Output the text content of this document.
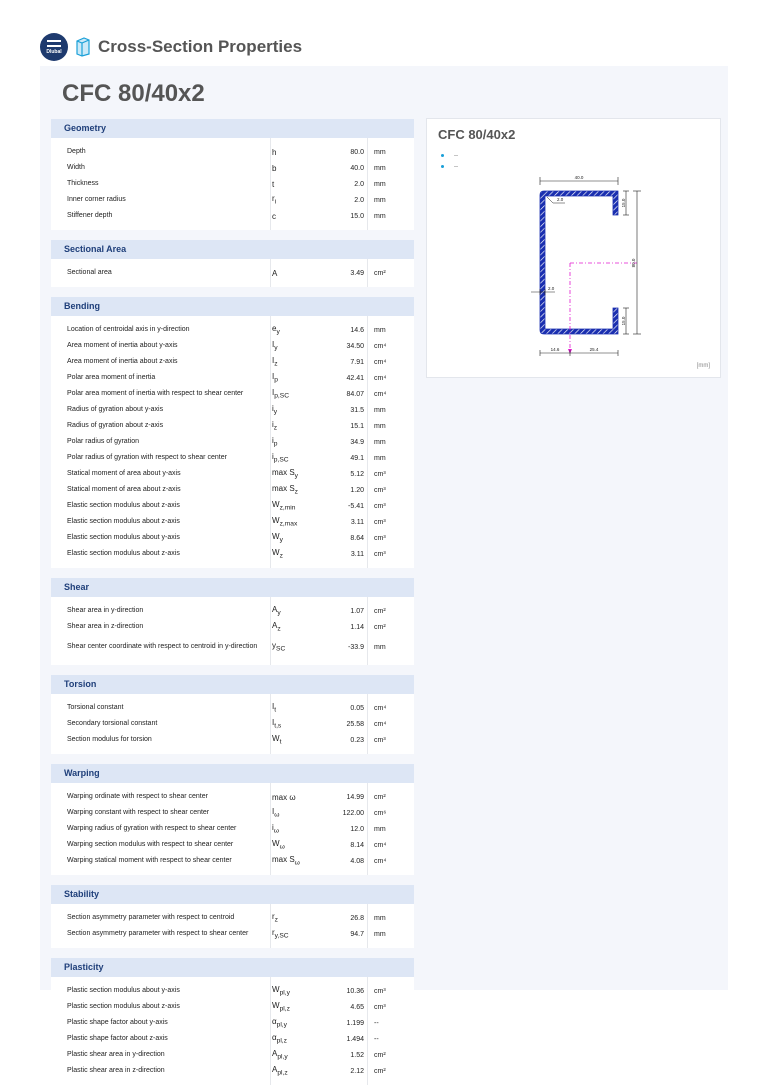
Dlubal Cross-Section Properties
CFC 80/40x2
Geometry
Depth	h	80.0	mm
Width	b	40.0	mm
Thickness	t	2.0	mm
Inner corner radius	$r_i$	2.0	mm
Stiffener depth	c	15.0	mm
Sectional Area
Sectional area	A	3.49	cm²
Bending
Location of centroidal axis in y-direction	$e_y$	14.6	mm
Area moment of inertia about y-axis	$I_y$	34.50	cm⁴
Area moment of inertia about z-axis	$I_z$	7.91	cm⁴
Polar area moment of inertia	$I_p$	42.41	cm⁴
Polar area moment of inertia with respect to shear center	$I_{p,SC}$	84.07	cm⁴
Radius of gyration about y-axis	$i_y$	31.5	mm
Radius of gyration about z-axis	$i_z$	15.1	mm
Polar radius of gyration	$i_p$	34.9	mm
Polar radius of gyration with respect to shear center	$i_{p,SC}$	49.1	mm
Statical moment of area about y-axis	$\max S_y$	5.12	cm³
Statical moment of area about z-axis	$\max S_z$	1.20	cm³
Elastic section modulus about z-axis	$W_{z,min}$	-5.41	cm³
Elastic section modulus about z-axis	$W_{z,max}$	3.11	cm³
Elastic section modulus about y-axis	$W_y$	8.64	cm³
Elastic section modulus about z-axis	$W_z$	3.11	cm³
Shear
Shear area in y-direction	$A_y$	1.07	cm²
Shear area in z-direction	$A_z$	1.14	cm²
Shear center coordinate with respect to centroid in y-direction	$y_{SC}$	-33.9	mm
Torsion
Torsional constant	$I_t$	0.05	cm⁴
Secondary torsional constant	$I_{t,s}$	25.58	cm⁴
Section modulus for torsion	$W_t$	0.23	cm³
Warping
Warping ordinate with respect to shear center	max ω	14.99	cm²
Warping constant with respect to shear center	$I_\omega$	122.00	cm⁶
Warping radius of gyration with respect to shear center	$i_\omega$	12.0	mm
Warping section modulus with respect to shear center	$W_\omega$	8.14	cm⁴
Warping statical moment with respect to shear center	$\max S_\omega$	4.08	cm⁴
Stability
Section asymmetry parameter with respect to centroid	$r_z$	26.8	mm
Section asymmetry parameter with respect to shear center	$r_{y,SC}$	94.7	mm
Plasticity
Plastic section modulus about y-axis	$W_{pl,y}$	10.36	cm³
Plastic section modulus about z-axis	$W_{pl,z}$	4.65	cm³
Plastic shape factor about y-axis	$\alpha_{pl,y}$	1.199	--
Plastic shape factor about z-axis	$\alpha_{pl,z}$	1.494	--
Plastic shear area in y-direction	$A_{pl,y}$	1.52	cm²
Plastic shear area in z-direction	$A_{pl,z}$	2.12	cm²
CFC 80/40x2
--
--
40.0
80.0
15.0
15.0
2.0
2.0
14.6	25.4
[mm]
